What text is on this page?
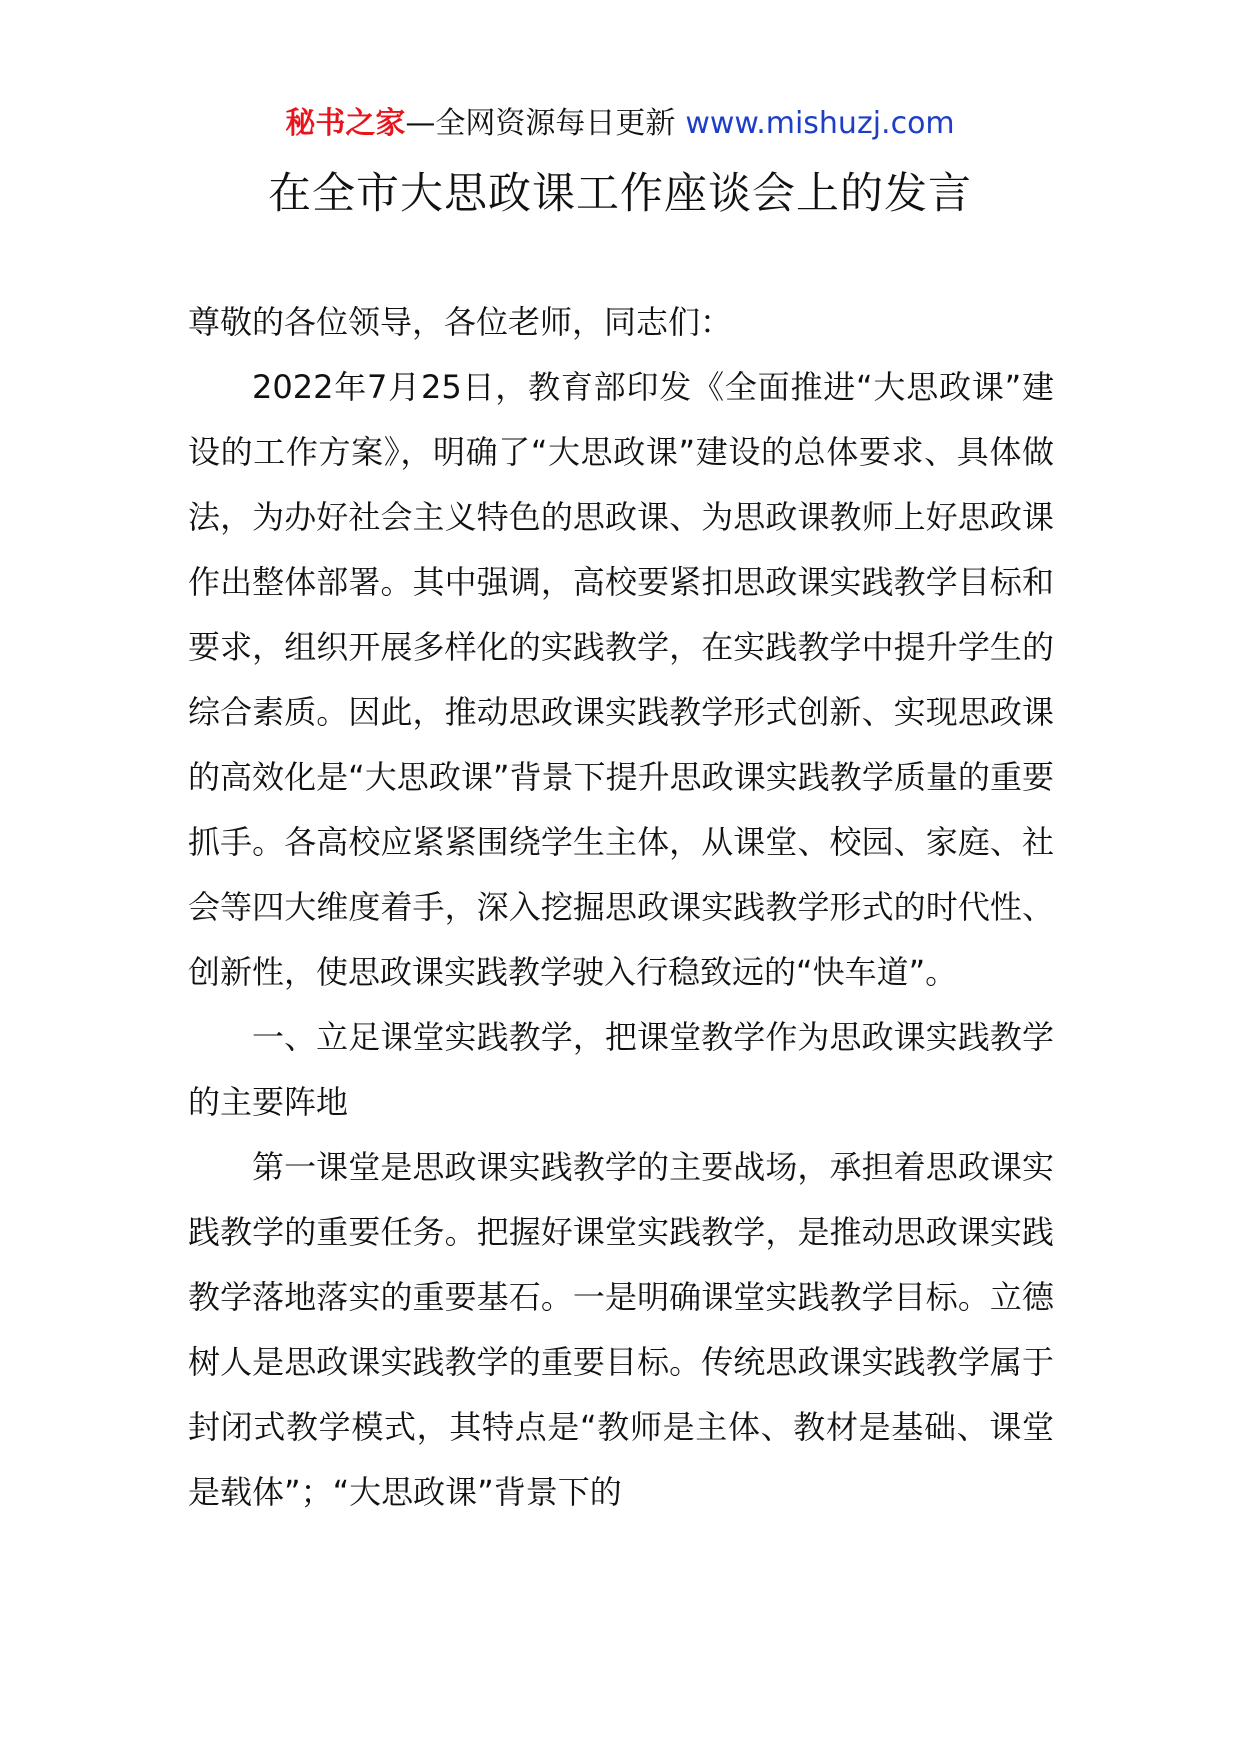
秘书之家—全网资源每日更新 www.mishuzj.com
在全市大思政课工作座谈会上的发言

尊敬的各位领导，各位老师，同志们：

2022年7月25日，教育部印发《全面推进“大思政课”建设的工作方案》，明确了“大思政课”建设的总体要求、具体做法，为办好社会主义特色的思政课、为思政课教师上好思政课作出整体部署。其中强调，高校要紧扣思政课实践教学目标和要求，组织开展多样化的实践教学，在实践教学中提升学生的综合素质。因此，推动思政课实践教学形式创新、实现思政课的高效化是“大思政课”背景下提升思政课实践教学质量的重要抓手。各高校应紧紧围绕学生主体，从课堂、校园、家庭、社会等四大维度着手，深入挖掘思政课实践教学形式的时代性、创新性，使思政课实践教学驶入行稳致远的“快车道”。

一、立足课堂实践教学，把课堂教学作为思政课实践教学的主要阵地

第一课堂是思政课实践教学的主要战场，承担着思政课实践教学的重要任务。把握好课堂实践教学，是推动思政课实践教学落地落实的重要基石。一是明确课堂实践教学目标。立德树人是思政课实践教学的重要目标。传统思政课实践教学属于封闭式教学模式，其特点是“教师是主体、教材是基础、课堂是载体”；“大思政课”背景下的
